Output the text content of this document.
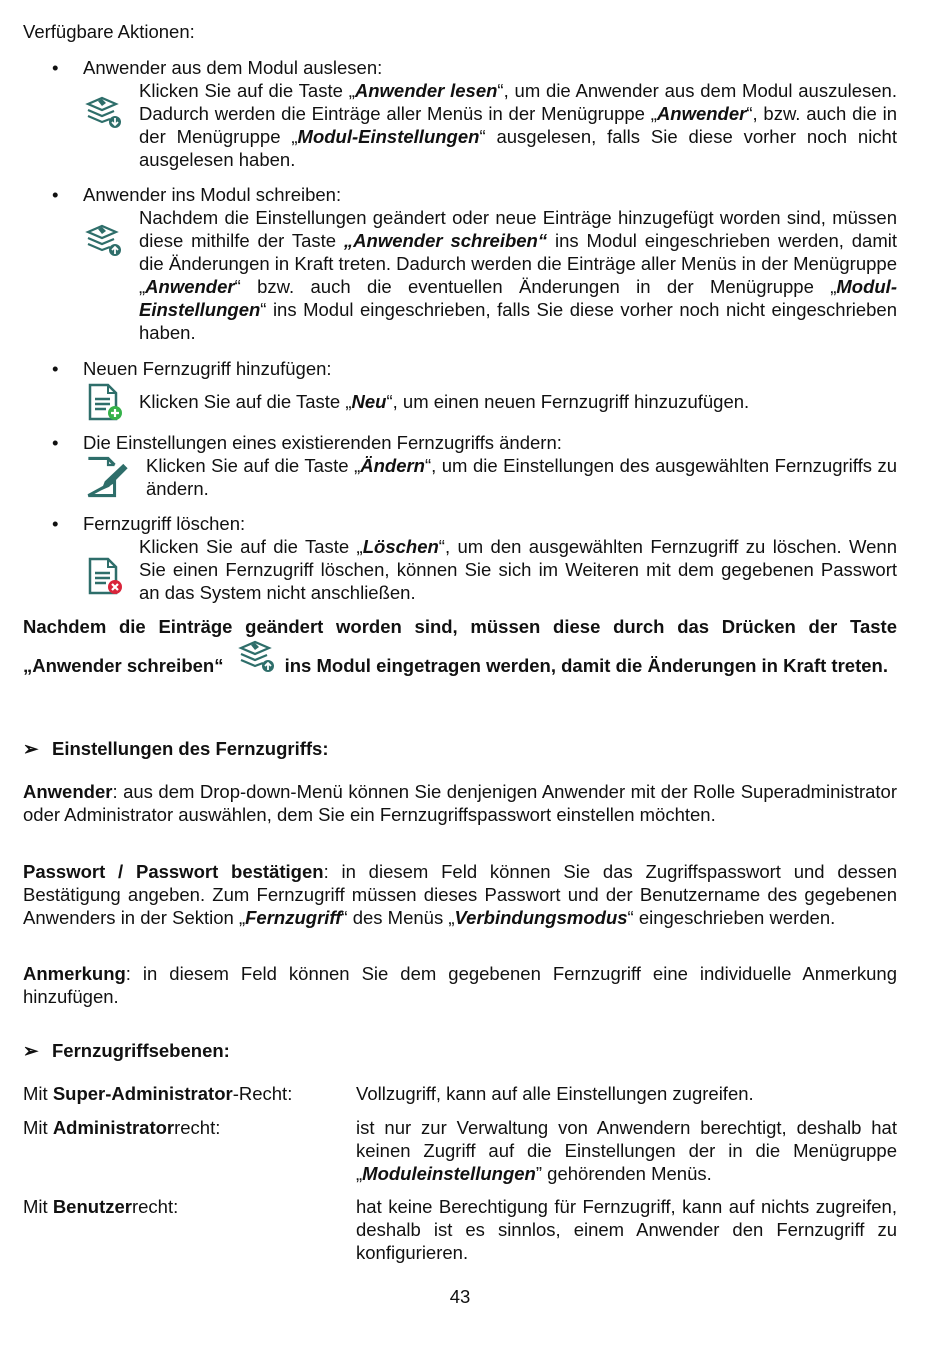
Verfügbare Aktionen:
• Anwender aus dem Modul auslesen:
Klicken Sie auf die Taste „Anwender lesen“, um die Anwender aus dem Modul auszulesen. Dadurch werden die Einträge aller Menüs in der Menügruppe „Anwender“, bzw. auch die in der Menügruppe „Modul-Einstellungen“ ausgelesen, falls Sie diese vorher noch nicht ausgelesen haben.
• Anwender ins Modul schreiben:
Nachdem die Einstellungen geändert oder neue Einträge hinzugefügt worden sind, müssen diese mithilfe der Taste „Anwender schreiben“ ins Modul eingeschrieben werden, damit die Änderungen in Kraft treten. Dadurch werden die Einträge aller Menüs in der Menügruppe „Anwender“ bzw. auch die eventuellen Änderungen in der Menügruppe „Modul-Einstellungen“ ins Modul eingeschrieben, falls Sie diese vorher noch nicht eingeschrieben haben.
• Neuen Fernzugriff hinzufügen:
Klicken Sie auf die Taste „Neu“, um einen neuen Fernzugriff hinzuzufügen.
• Die Einstellungen eines existierenden Fernzugriffs ändern:
Klicken Sie auf die Taste „Ändern“, um die Einstellungen des ausgewählten Fernzugriffs zu ändern.
• Fernzugriff löschen:
Klicken Sie auf die Taste „Löschen“, um den ausgewählten Fernzugriff zu löschen. Wenn Sie einen Fernzugriff löschen, können Sie sich im Weiteren mit dem gegebenen Passwort an das System nicht anschließen.
Nachdem die Einträge geändert worden sind, müssen diese durch das Drücken der Taste „Anwender schreiben“	ins Modul eingetragen werden, damit die Änderungen in Kraft treten.
➢ Einstellungen des Fernzugriffs:
Anwender: aus dem Drop-down-Menü können Sie denjenigen Anwender mit der Rolle Superadministrator oder Administrator auswählen, dem Sie ein Fernzugriffspasswort einstellen möchten.
Passwort / Passwort bestätigen: in diesem Feld können Sie das Zugriffspasswort und dessen Bestätigung angeben. Zum Fernzugriff müssen dieses Passwort und der Benutzername des gegebenen Anwenders in der Sektion „Fernzugriff“ des Menüs „Verbindungsmodus“ eingeschrieben werden.
Anmerkung: in diesem Feld können Sie dem gegebenen Fernzugriff eine individuelle Anmerkung hinzufügen.
➢ Fernzugriffsebenen:
Mit Super-Administrator-Recht:	Vollzugriff, kann auf alle Einstellungen zugreifen.
Mit Administratorrecht:	ist nur zur Verwaltung von Anwendern berechtigt, deshalb hat keinen Zugriff auf die Einstellungen der in die Menügruppe „Moduleinstellungen” gehörenden Menüs.
Mit Benutzerrecht:	hat keine Berechtigung für Fernzugriff, kann auf nichts zugreifen, deshalb ist es sinnlos, einem Anwender den Fernzugriff zu konfigurieren.
43
